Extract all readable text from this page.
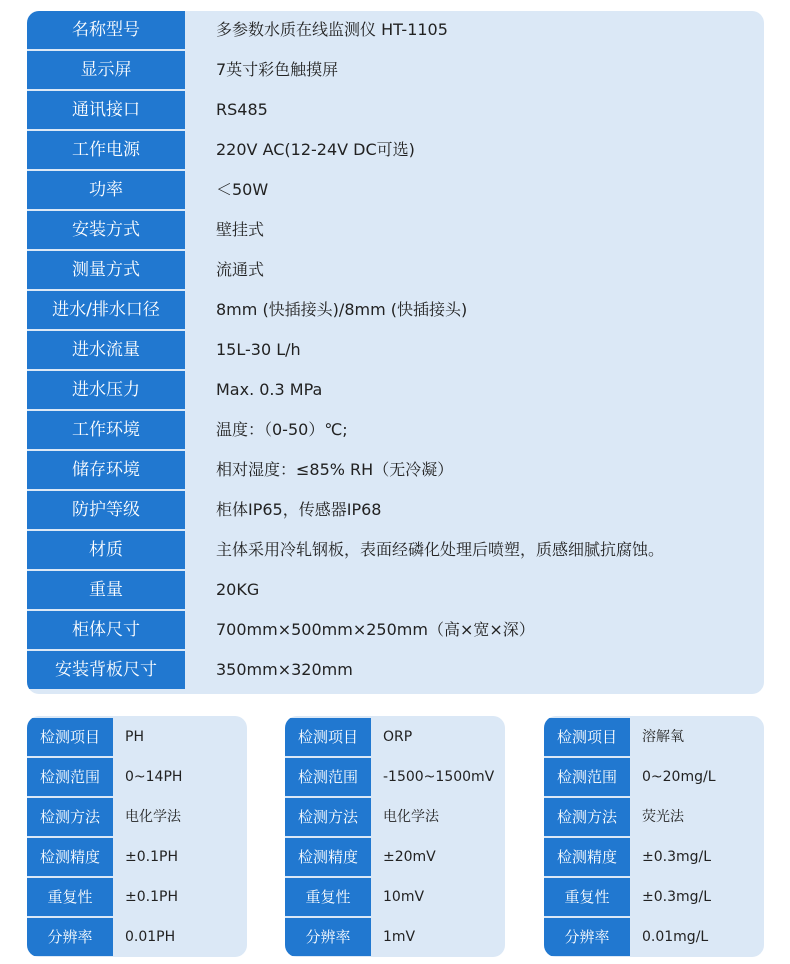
名称型号	多参数水质在线监测仪 HT-1105
显示屏	7英寸彩色触摸屏
通讯接口	RS485
工作电源	220V AC(12-24V DC可选)
功率	＜50W
安装方式	壁挂式
测量方式	流通式
进水/排水口径	8mm (快插接头)/8mm (快插接头)
进水流量	15L-30 L/h
进水压力	Max. 0.3 MPa
工作环境	温度：（0-50）℃;
储存环境	相对湿度：≤85% RH（无冷凝）
防护等级	柜体IP65，传感器IP68
材质	主体采用冷轧钢板，表面经磷化处理后喷塑，质感细腻抗腐蚀。
重量	20KG
柜体尺寸	700mm×500mm×250mm（高×宽×深）
安装背板尺寸	350mm×320mm
检测项目	PH
检测范围	0~14PH
检测方法	电化学法
检测精度	±0.1PH
重复性	±0.1PH
分辨率	0.01PH
检测项目	ORP
检测范围	-1500~1500mV
检测方法	电化学法
检测精度	±20mV
重复性	10mV
分辨率	1mV
检测项目	溶解氧
检测范围	0~20mg/L
检测方法	荧光法
检测精度	±0.3mg/L
重复性	±0.3mg/L
分辨率	0.01mg/L
